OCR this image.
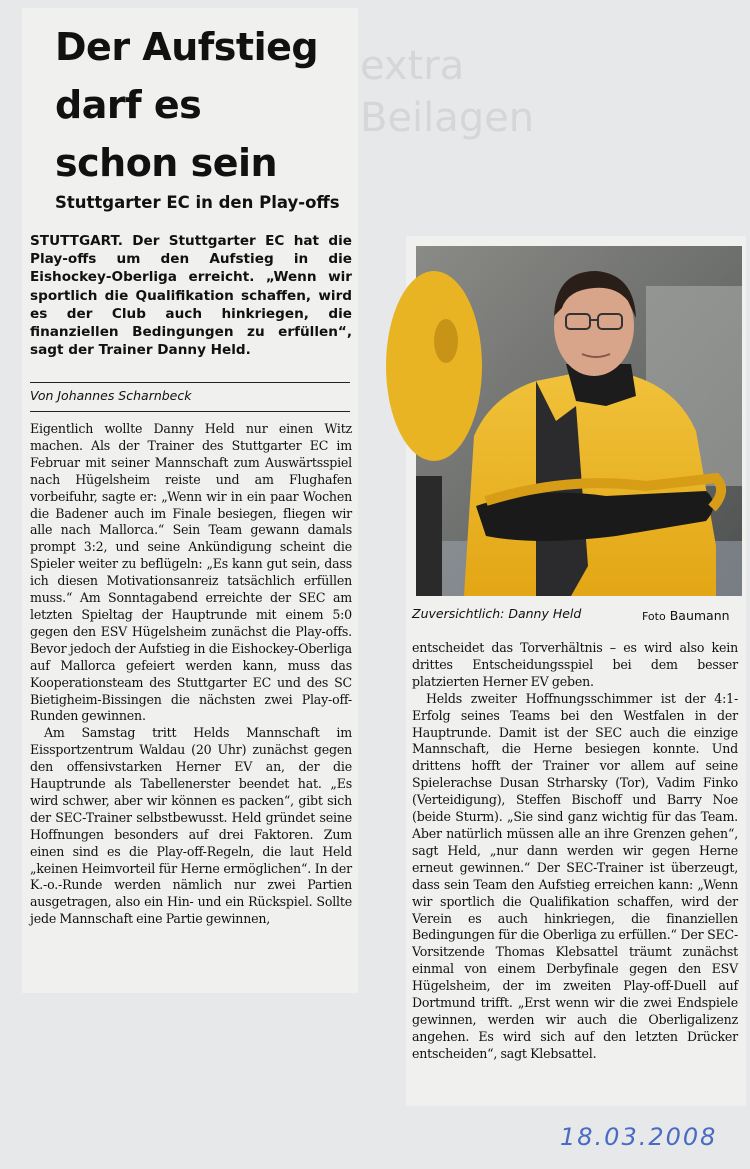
extra
Beilagen
Der Aufstieg
darf es
schon sein
Stuttgarter EC in den Play-offs

STUTTGART. Der Stuttgarter EC hat die Play-offs um den Aufstieg in die Eishockey-Oberliga erreicht. „Wenn wir sportlich die Qualifikation schaffen, wird es der Club auch hinkriegen, die finanziellen Bedingungen zu erfüllen“, sagt der Trainer Danny Held.

Von Johannes Scharnbeck

Eigentlich wollte Danny Held nur einen Witz machen. Als der Trainer des Stuttgarter EC im Februar mit seiner Mannschaft zum Auswärtsspiel nach Hügelsheim reiste und am Flughafen vorbeifuhr, sagte er: „Wenn wir in ein paar Wochen die Badener auch im Finale besiegen, fliegen wir alle nach Mallorca.“ Sein Team gewann damals prompt 3:2, und seine Ankündigung scheint die Spieler weiter zu beflügeln: „Es kann gut sein, dass ich diesen Motivationsanreiz tatsächlich erfüllen muss.“ Am Sonntagabend erreichte der SEC am letzten Spieltag der Hauptrunde mit einem 5:0 gegen den ESV Hügelsheim zunächst die Play-offs. Bevor jedoch der Aufstieg in die Eishockey-Oberliga auf Mallorca gefeiert werden kann, muss das Kooperationsteam des Stuttgarter EC und des SC Bietigheim-Bissingen die nächsten zwei Play-off-Runden gewinnen.

Am Samstag tritt Helds Mannschaft im Eissportzentrum Waldau (20 Uhr) zunächst gegen den offensivstarken Herner EV an, der die Hauptrunde als Tabellenerster beendet hat. „Es wird schwer, aber wir können es packen“, gibt sich der SEC-Trainer selbstbewusst. Held gründet seine Hoffnungen besonders auf drei Faktoren. Zum einen sind es die Play-off-Regeln, die laut Held „keinen Heimvorteil für Herne ermöglichen“. In der K.-o.-Runde werden nämlich nur zwei Partien ausgetragen, also ein Hin- und ein Rückspiel. Sollte jede Mannschaft eine Partie gewinnen,

Zuversichtlich: Danny Held	Foto Baumann

entscheidet das Torverhältnis – es wird also kein drittes Entscheidungsspiel bei dem besser platzierten Herner EV geben.

Helds zweiter Hoffnungsschimmer ist der 4:1-Erfolg seines Teams bei den Westfalen in der Hauptrunde. Damit ist der SEC auch die einzige Mannschaft, die Herne besiegen konnte. Und drittens hofft der Trainer vor allem auf seine Spielerachse Dusan Strharsky (Tor), Vadim Finko (Verteidigung), Steffen Bischoff und Barry Noe (beide Sturm). „Sie sind ganz wichtig für das Team. Aber natürlich müssen alle an ihre Grenzen gehen“, sagt Held, „nur dann werden wir gegen Herne erneut gewinnen.“ Der SEC-Trainer ist überzeugt, dass sein Team den Aufstieg erreichen kann: „Wenn wir sportlich die Qualifikation schaffen, wird der Verein es auch hinkriegen, die finanziellen Bedingungen für die Oberliga zu erfüllen.“ Der SEC-Vorsitzende Thomas Klebsattel träumt zunächst einmal von einem Derbyfinale gegen den ESV Hügelsheim, der im zweiten Play-off-Duell auf Dortmund trifft. „Erst wenn wir die zwei Endspiele gewinnen, werden wir auch die Oberligalizenz angehen. Es wird sich auf den letzten Drücker entscheiden“, sagt Klebsattel.

18.03.2008
